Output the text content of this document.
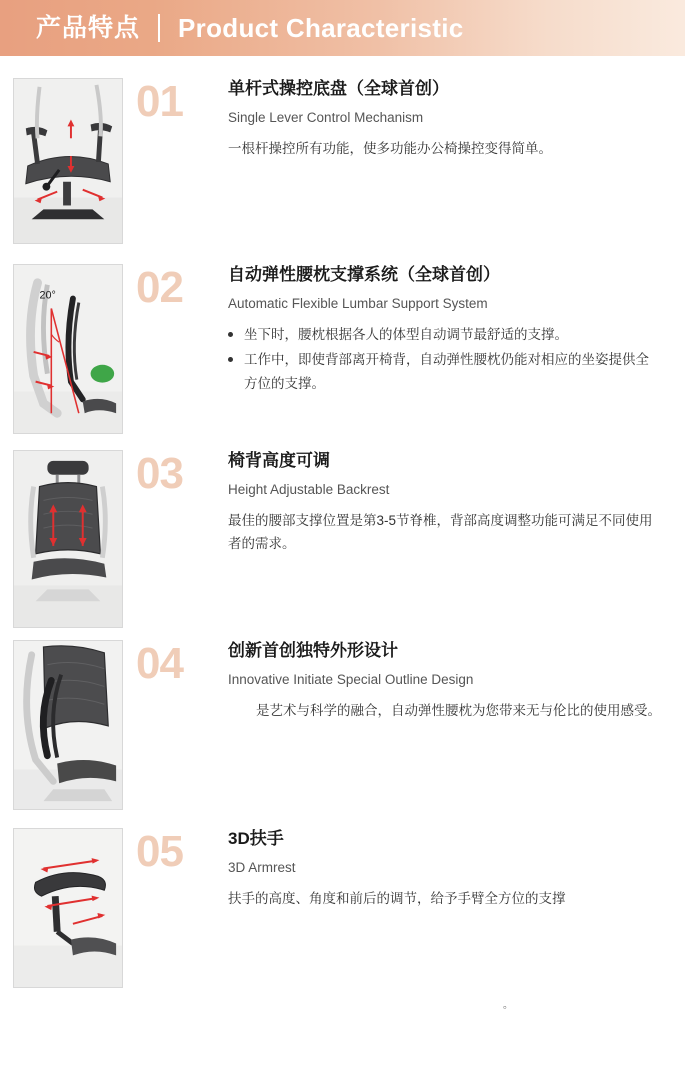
产品特点 Product Characteristic
01	单杆式操控底盘（全球首创）
Single Lever Control Mechanism
一根杆操控所有功能，使多功能办公椅操控变得简单。
20° 02	自动弹性腰枕支撑系统（全球首创）
Automatic Flexible Lumbar Support System
坐下时，腰枕根据各人的体型自动调节最舒适的支撑。
工作中，即使背部离开椅背，自动弹性腰枕仍能对相应的坐姿提供全方位的支撑。
03	椅背高度可调
Height Adjustable Backrest
最佳的腰部支撑位置是第3-5节脊椎，背部高度调整功能可满足不同使用者的需求。
04	创新首创独特外形设计
Innovative Initiate Special Outline Design
是艺术与科学的融合，自动弹性腰枕为您带来无与伦比的使用感受。
05	3D扶手
3D Armrest
扶手的高度、角度和前后的调节，给予手臂全方位的支撑
。
